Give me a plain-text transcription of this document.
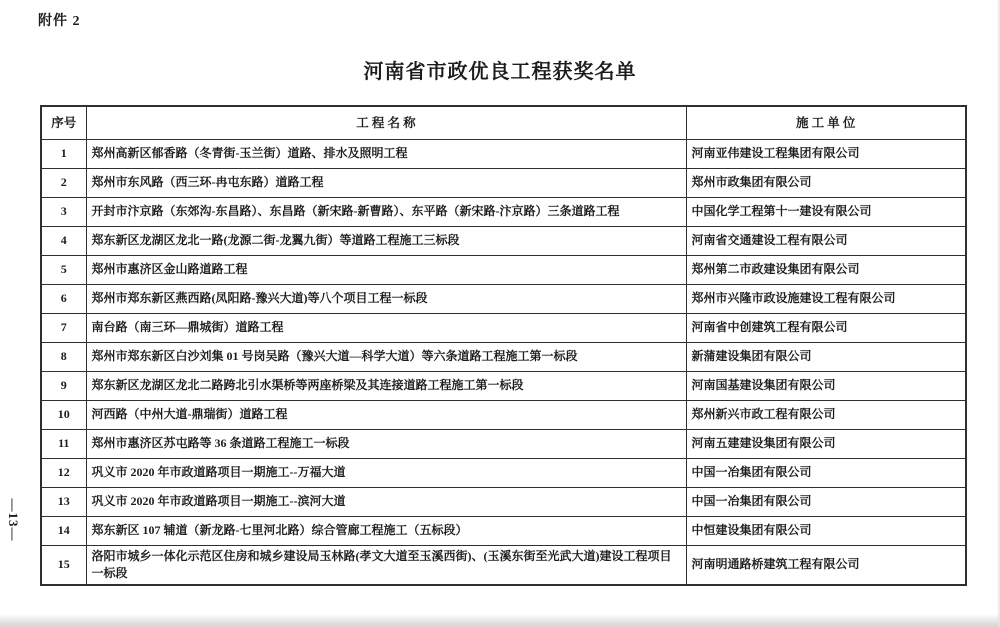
附件 2
河南省市政优良工程获奖名单
序号	工 程 名 称	施 工 单 位
1	郑州高新区郁香路（冬青街-玉兰街）道路、排水及照明工程	河南亚伟建设工程集团有限公司
2	郑州市东风路（西三环-冉屯东路）道路工程	郑州市政集团有限公司
3	开封市汴京路（东郊沟-东昌路）、东昌路（新宋路-新曹路）、东平路（新宋路-汴京路）三条道路工程	中国化学工程第十一建设有限公司
4	郑东新区龙湖区龙北一路(龙源二街-龙翼九街）等道路工程施工三标段	河南省交通建设工程有限公司
5	郑州市惠济区金山路道路工程	郑州第二市政建设集团有限公司
6	郑州市郑东新区燕西路(凤阳路-豫兴大道)等八个项目工程一标段	郑州市兴隆市政设施建设工程有限公司
7	南台路（南三环—鼎城街）道路工程	河南省中创建筑工程有限公司
8	郑州市郑东新区白沙刘集 01 号岗吴路（豫兴大道—科学大道）等六条道路工程施工第一标段	新蒲建设集团有限公司
9	郑东新区龙湖区龙北二路跨北引水渠桥等两座桥梁及其连接道路工程施工第一标段	河南国基建设集团有限公司
10	河西路（中州大道-鼎瑞街）道路工程	郑州新兴市政工程有限公司
11	郑州市惠济区苏屯路等 36 条道路工程施工一标段	河南五建建设集团有限公司
12	巩义市 2020 年市政道路项目一期施工--万福大道	中国一冶集团有限公司
13	巩义市 2020 年市政道路项目一期施工--滨河大道	中国一冶集团有限公司
14	郑东新区 107 辅道（新龙路-七里河北路）综合管廊工程施工（五标段）	中恒建设集团有限公司
15	洛阳市城乡一体化示范区住房和城乡建设局玉林路(孝文大道至玉溪西街)、(玉溪东街至光武大道)建设工程项目一标段	河南明通路桥建筑工程有限公司
—13—
